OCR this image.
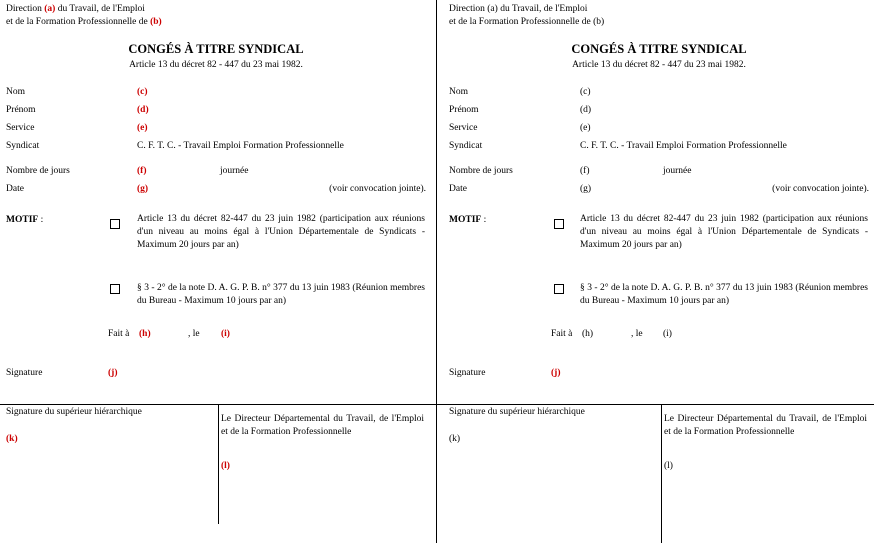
Direction (a) du Travail, de l'Emploi
et de la Formation Professionnelle de (b)
CONGÉS À TITRE SYNDICAL
Article 13 du décret 82 - 447 du 23 mai 1982.
Nom	(c)
Prénom	(d)
Service	(e)
Syndicat	C. F. T. C. - Travail Emploi Formation Professionnelle
Nombre de jours	(f)	journée
Date	(g)	(voir convocation jointe).
MOTIF :	Article 13 du décret 82-447 du 23 juin 1982 (participation aux réunions d'un niveau au moins égal à l'Union Départementale de Syndicats - Maximum 20 jours par an)
§ 3 - 2° de la note D. A. G. P. B. n° 377 du 13 juin 1983 (Réunion membres du Bureau - Maximum 10 jours par an)
Fait à (h)	, le (i)
Signature	(j)
Signature du supérieur hiérarchique
(k)
Le Directeur Départemental du Travail, de l'Emploi et de la Formation Professionnelle
(l)
Direction (a) du Travail, de l'Emploi
et de la Formation Professionnelle de (b)
CONGÉS À TITRE SYNDICAL
Article 13 du décret 82 - 447 du 23 mai 1982.
Nom	(c)
Prénom	(d)
Service	(e)
Syndicat	C. F. T. C. - Travail Emploi Formation Professionnelle
Nombre de jours	(f)	journée
Date	(g)	(voir convocation jointe).
MOTIF :	Article 13 du décret 82-447 du 23 juin 1982 (participation aux réunions d'un niveau au moins égal à l'Union Départementale de Syndicats - Maximum 20 jours par an)
§ 3 - 2° de la note D. A. G. P. B. n° 377 du 13 juin 1983 (Réunion membres du Bureau - Maximum 10 jours par an)
Fait à (h)	, le (i)
Signature	(j)
Signature du supérieur hiérarchique
(k)
Le Directeur Départemental du Travail, de l'Emploi et de la Formation Professionnelle
(l)
